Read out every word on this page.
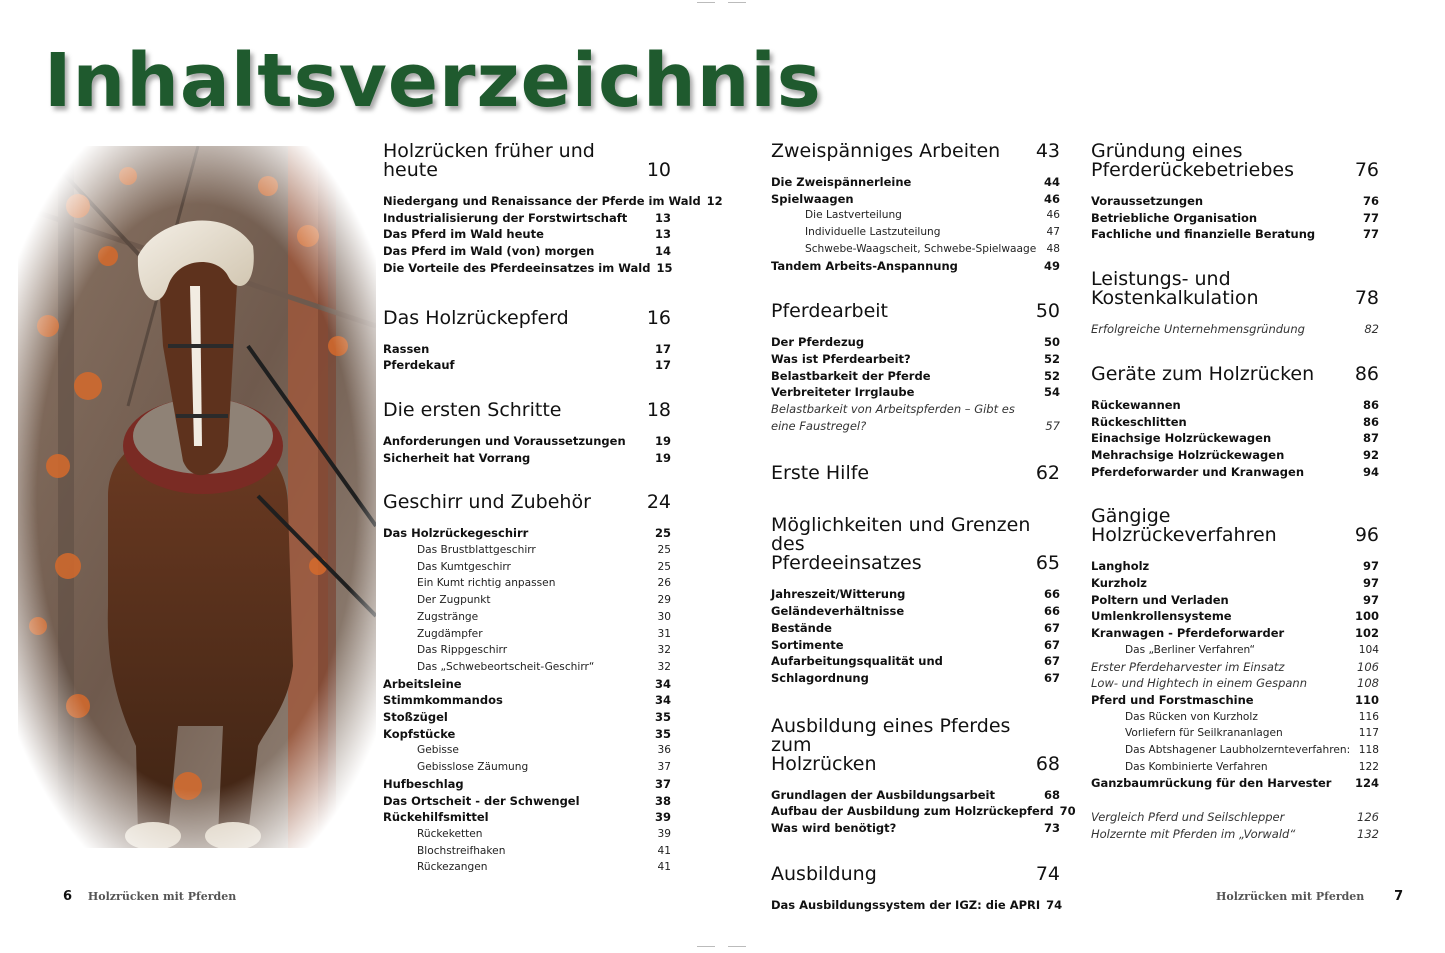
Inhaltsverzeichnis
Holzrücken früher und heute	10
Niedergang und Renaissance der Pferde im Wald 12
Industrialisierung der Forstwirtschaft	13
Das Pferd im Wald heute	13
Das Pferd im Wald (von) morgen	14
Die Vorteile des Pferdeeinsatzes im Wald 15
Das Holzrückepferd	16
Rassen	17
Pferdekauf	17
Die ersten Schritte	18
Anforderungen und Voraussetzungen	19
Sicherheit hat Vorrang	19
Geschirr und Zubehör	24
Das Holzrückegeschirr	25
Das Brustblattgeschirr	25
Das Kumtgeschirr	25
Ein Kumt richtig anpassen	26
Der Zugpunkt	29
Zugstränge	30
Zugdämpfer	31
Das Rippgeschirr	32
Das „Schwebeortscheit-Geschirr“	32
Arbeitsleine	34
Stimmkommandos	34
Stoßzügel	35
Kopfstücke	35
Gebisse	36
Gebisslose Zäumung	37
Hufbeschlag	37
Das Ortscheit - der Schwengel	38
Rückehilfsmittel	39
Rückeketten	39
Blochstreifhaken	41
Rückezangen	41
Zweispänniges Arbeiten 43
Die Zweispännerleine	44
Spielwaagen	46
Die Lastverteilung	46
Individuelle Lastzuteilung	47
Schwebe-Waagscheit, Schwebe-Spielwaage 48
Tandem Arbeits-Anspannung	49
Pferdearbeit	50
Der Pferdezug	50
Was ist Pferdearbeit?	52
Belastbarkeit der Pferde	52
Verbreiteter Irrglaube	54
Belastbarkeit von Arbeitspferden – Gibt es eine Faustregel?	57
Erste Hilfe	62
Möglichkeiten und Grenzen des
Pferdeeinsatzes	65
Jahreszeit/Witterung	66
Geländeverhältnisse	66
Bestände	67
Sortimente	67
Aufarbeitungsqualität und	67
Schlagordnung	67
Ausbildung eines Pferdes zum
Holzrücken	68
Grundlagen der Ausbildungsarbeit	68
Aufbau der Ausbildung zum Holzrückepferd 70
Was wird benötigt?	73
Ausbildung	74
Das Ausbildungssystem der IGZ: die APRI 74
Gründung eines
Pferderückebetriebes	76
Voraussetzungen	76
Betriebliche Organisation	77
Fachliche und finanzielle Beratung	77
Leistungs- und
Kostenkalkulation	78
Erfolgreiche Unternehmensgründung	82
Geräte zum Holzrücken 86
Rückewannen	86
Rückeschlitten	86
Einachsige Holzrückewagen	87
Mehrachsige Holzrückewagen	92
Pferdeforwarder und Kranwagen	94
Gängige Holzrückeverfahren	96
Langholz	97
Kurzholz	97
Poltern und Verladen	97
Umlenkrollensysteme	100
Kranwagen - Pferdeforwarder	102
Das „Berliner Verfahren“	104
Erster Pferdeharvester im Einsatz	106
Low- und Hightech in einem Gespann	108
Pferd und Forstmaschine	110
Das Rücken von Kurzholz	116
Vorliefern für Seilkrananlagen	117
Das Abtshagener Laubholzernteverfahren: 118
Das Kombinierte Verfahren	122
Ganzbaumrückung für den Harvester	124
Vergleich Pferd und Seilschlepper	126
Holzernte mit Pferden im „Vorwald“	132
6 Holzrücken mit Pferden	Holzrücken mit Pferden 7
